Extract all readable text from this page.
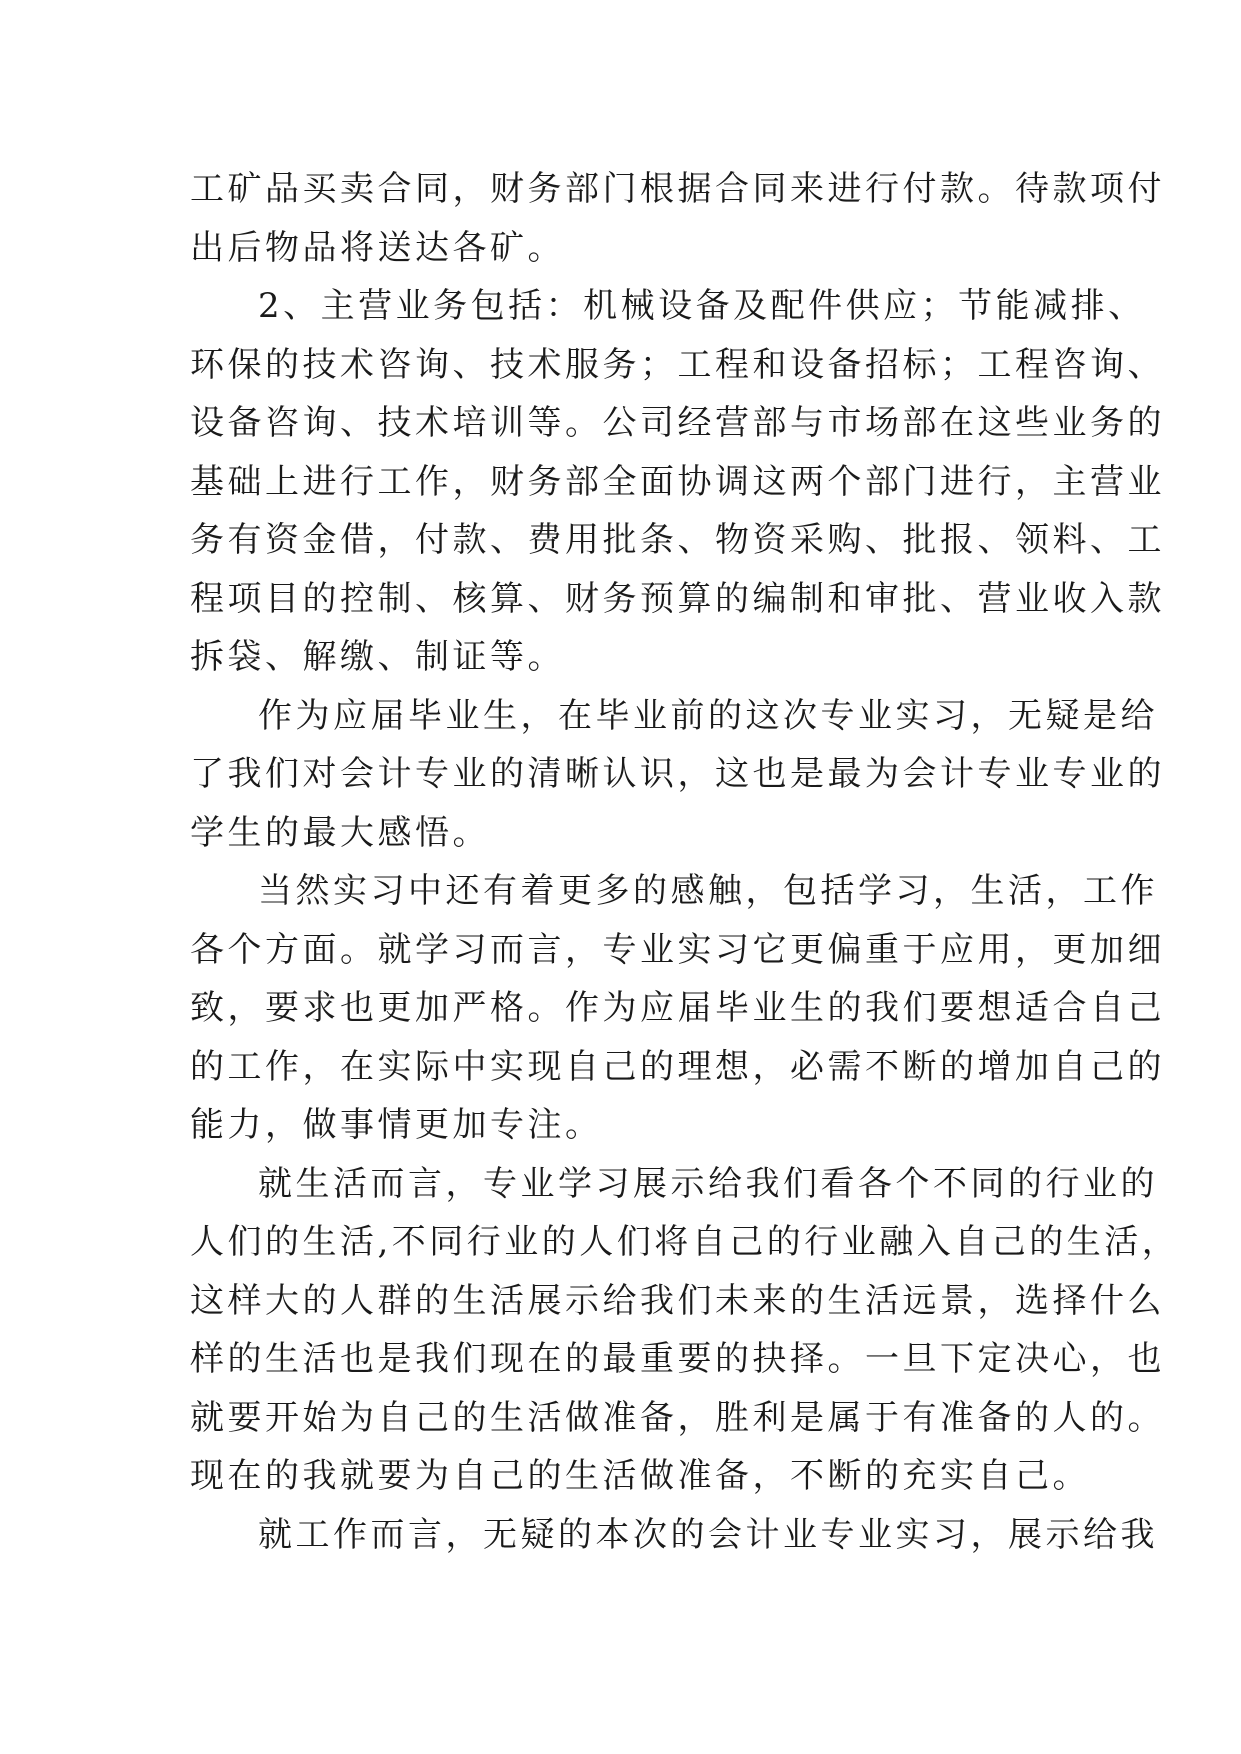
工矿品买卖合同，财务部门根据合同来进行付款。待款项付
出后物品将送达各矿。
2、主营业务包括：机械设备及配件供应；节能减排、
环保的技术咨询、技术服务；工程和设备招标；工程咨询、
设备咨询、技术培训等。公司经营部与市场部在这些业务的
基础上进行工作，财务部全面协调这两个部门进行，主营业
务有资金借，付款、费用批条、物资采购、批报、领料、工
程项目的控制、核算、财务预算的编制和审批、营业收入款
拆袋、解缴、制证等。
作为应届毕业生，在毕业前的这次专业实习，无疑是给
了我们对会计专业的清晰认识，这也是最为会计专业专业的
学生的最大感悟。
当然实习中还有着更多的感触，包括学习，生活，工作
各个方面。就学习而言，专业实习它更偏重于应用，更加细
致，要求也更加严格。作为应届毕业生的我们要想适合自己
的工作，在实际中实现自己的理想，必需不断的增加自己的
能力，做事情更加专注。
就生活而言，专业学习展示给我们看各个不同的行业的
人们的生活,不同行业的人们将自己的行业融入自己的生活，
这样大的人群的生活展示给我们未来的生活远景，选择什么
样的生活也是我们现在的最重要的抉择。一旦下定决心，也
就要开始为自己的生活做准备，胜利是属于有准备的人的。
现在的我就要为自己的生活做准备，不断的充实自己。
就工作而言，无疑的本次的会计业专业实习，展示给我
